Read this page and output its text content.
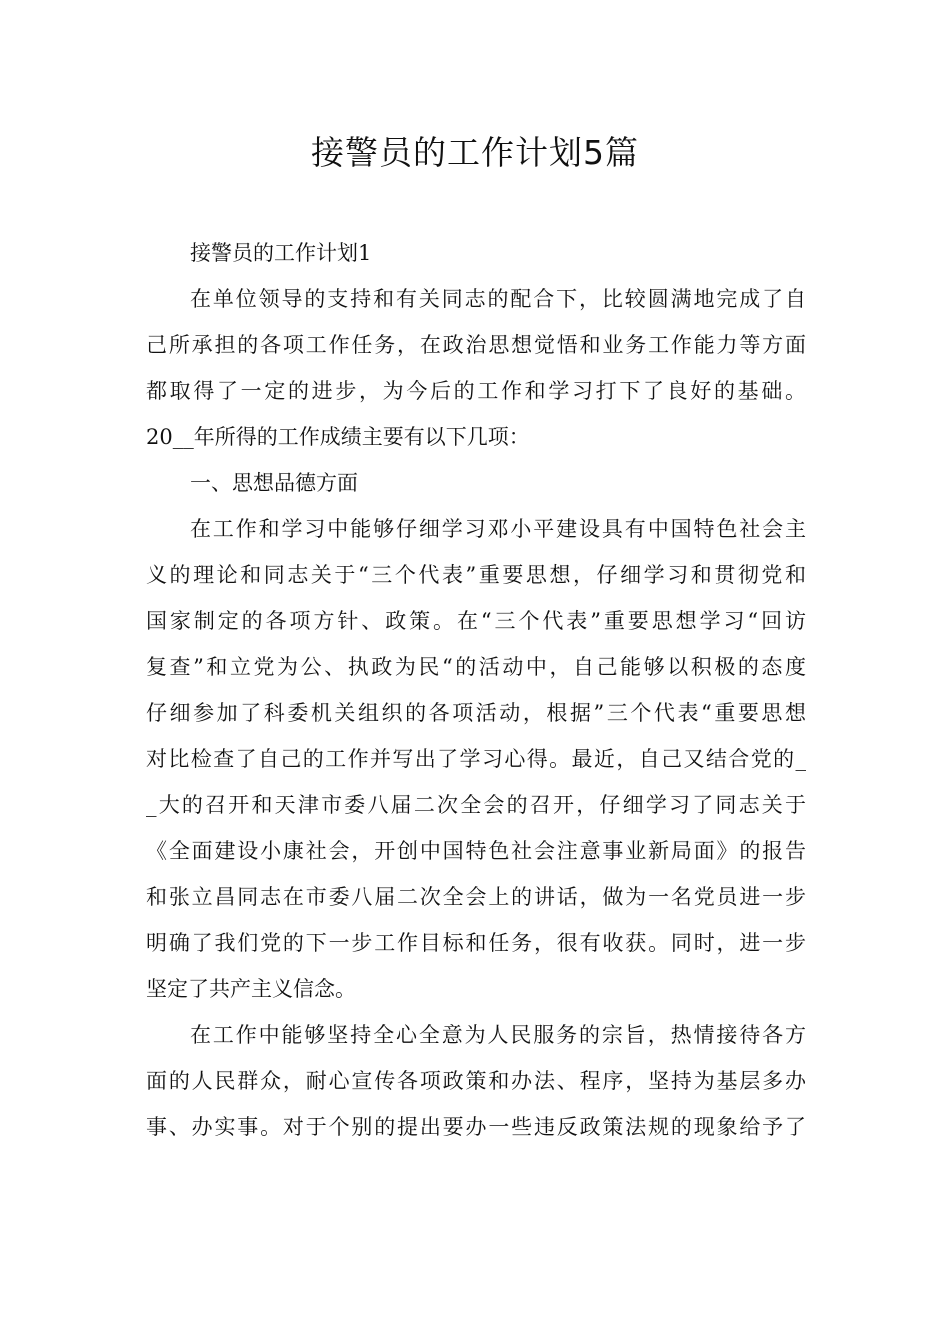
接警员的工作计划5篇

接警员的工作计划1

在单位领导的支持和有关同志的配合下，比较圆满地完成了自
己所承担的各项工作任务，在政治思想觉悟和业务工作能力等方面
都取得了一定的进步，为今后的工作和学习打下了良好的基础。
20__年所得的工作成绩主要有以下几项：

一、思想品德方面

在工作和学习中能够仔细学习邓小平建设具有中国特色社会主
义的理论和同志关于“三个代表”重要思想，仔细学习和贯彻党和
国家制定的各项方针、政策。在“三个代表”重要思想学习“回访
复查”和立党为公、执政为民“的活动中，自己能够以积极的态度
仔细参加了科委机关组织的各项活动，根据”三个代表“重要思想
对比检查了自己的工作并写出了学习心得。最近，自己又结合党的_
_大的召开和天津市委八届二次全会的召开，仔细学习了同志关于
《全面建设小康社会，开创中国特色社会注意事业新局面》的报告
和张立昌同志在市委八届二次全会上的讲话，做为一名党员进一步
明确了我们党的下一步工作目标和任务，很有收获。同时，进一步
坚定了共产主义信念。

在工作中能够坚持全心全意为人民服务的宗旨，热情接待各方
面的人民群众，耐心宣传各项政策和办法、程序，坚持为基层多办
事、办实事。对于个别的提出要办一些违反政策法规的现象给予了
